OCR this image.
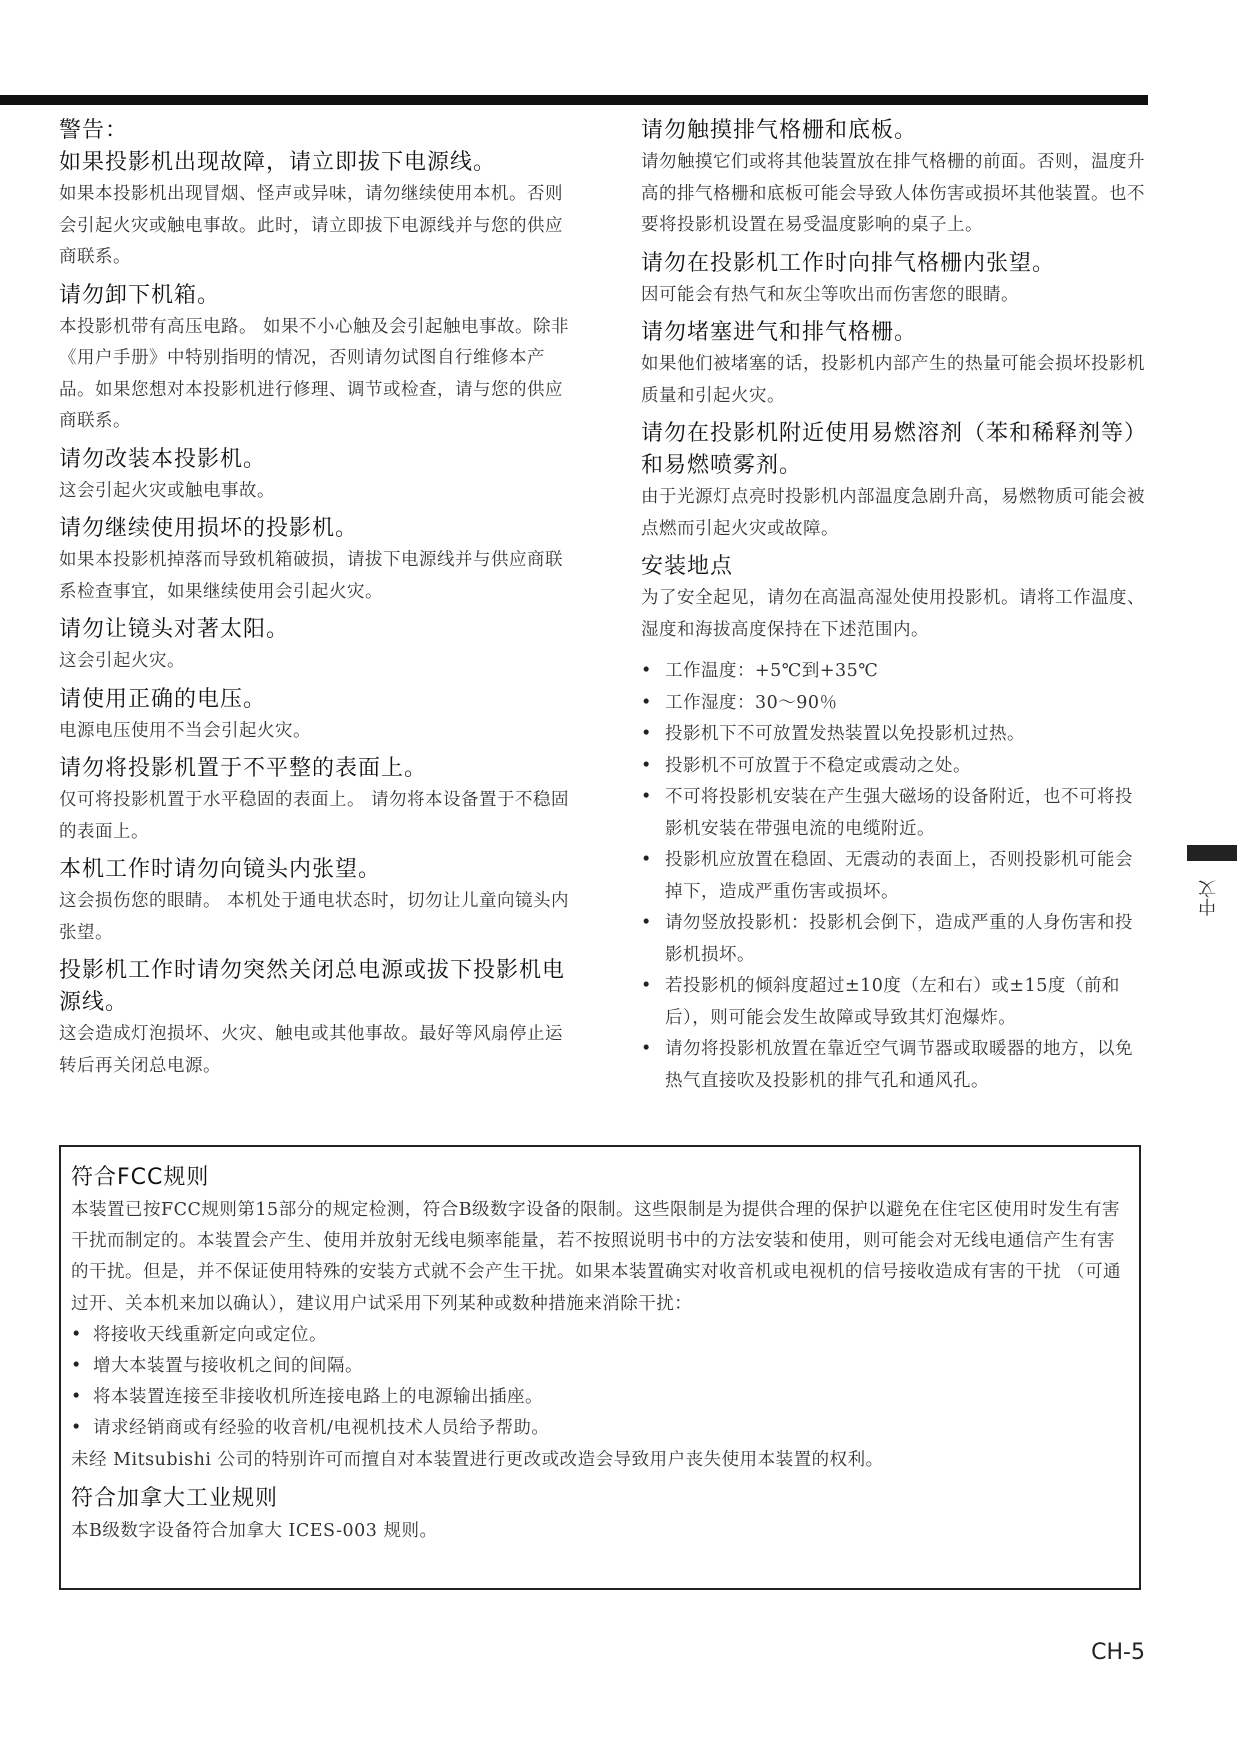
警告：

如果投影机出现故障，请立即拔下电源线。

如果本投影机出现冒烟、怪声或异味，请勿继续使用本机。否则会引起火灾或触电事故。此时，请立即拔下电源线并与您的供应商联系。

请勿卸下机箱。

本投影机带有高压电路。 如果不小心触及会引起触电事故。除非《用户手册》中特别指明的情况，否则请勿试图自行维修本产品。如果您想对本投影机进行修理、调节或检查，请与您的供应商联系。

请勿改装本投影机。

这会引起火灾或触电事故。

请勿继续使用损坏的投影机。

如果本投影机掉落而导致机箱破损，请拔下电源线并与供应商联系检查事宜，如果继续使用会引起火灾。

请勿让镜头对著太阳。

这会引起火灾。

请使用正确的电压。

电源电压使用不当会引起火灾。

请勿将投影机置于不平整的表面上。

仅可将投影机置于水平稳固的表面上。 请勿将本设备置于不稳固的表面上。

本机工作时请勿向镜头内张望。

这会损伤您的眼睛。 本机处于通电状态时，切勿让儿童向镜头内张望。

投影机工作时请勿突然关闭总电源或拔下投影机电源线。

这会造成灯泡损坏、火灾、触电或其他事故。最好等风扇停止运转后再关闭总电源。

请勿触摸排气格栅和底板。

请勿触摸它们或将其他装置放在排气格栅的前面。否则，温度升高的排气格栅和底板可能会导致人体伤害或损坏其他装置。也不要将投影机设置在易受温度影响的桌子上。

请勿在投影机工作时向排气格栅内张望。

因可能会有热气和灰尘等吹出而伤害您的眼睛。

请勿堵塞进气和排气格栅。

如果他们被堵塞的话，投影机内部产生的热量可能会损坏投影机质量和引起火灾。

请勿在投影机附近使用易燃溶剂（苯和稀释剂等）和易燃喷雾剂。

由于光源灯点亮时投影机内部温度急剧升高，易燃物质可能会被点燃而引起火灾或故障。

安装地点

为了安全起见，请勿在高温高湿处使用投影机。请将工作温度、湿度和海拔高度保持在下述范围内。

• 工作温度：+5℃到+35℃
• 工作湿度：30～90％
• 投影机下不可放置发热装置以免投影机过热。
• 投影机不可放置于不稳定或震动之处。
• 不可将投影机安装在产生强大磁场的设备附近，也不可将投影机安装在带强电流的电缆附近。
• 投影机应放置在稳固、无震动的表面上，否则投影机可能会掉下，造成严重伤害或损坏。
• 请勿竖放投影机：投影机会倒下，造成严重的人身伤害和投影机损坏。
• 若投影机的倾斜度超过±10度（左和右）或±15度（前和后），则可能会发生故障或导致其灯泡爆炸。
• 请勿将投影机放置在靠近空气调节器或取暖器的地方，以免热气直接吹及投影机的排气孔和通风孔。
中文

符合FCC规则

本装置已按FCC规则第15部分的规定检测，符合B级数字设备的限制。这些限制是为提供合理的保护以避免在住宅区使用时发生有害干扰而制定的。本装置会产生、使用并放射无线电频率能量，若不按照说明书中的方法安装和使用，则可能会对无线电通信产生有害的干扰。但是，并不保证使用特殊的安装方式就不会产生干扰。如果本装置确实对收音机或电视机的信号接收造成有害的干扰 （可通过开、关本机来加以确认），建议用户试采用下列某种或数种措施来消除干扰：

• 将接收天线重新定向或定位。
• 增大本装置与接收机之间的间隔。
• 将本装置连接至非接收机所连接电路上的电源输出插座。
• 请求经销商或有经验的收音机/电视机技术人员给予帮助。

未经 Mitsubishi 公司的特别许可而擅自对本装置进行更改或改造会导致用户丧失使用本装置的权利。

符合加拿大工业规则

本B级数字设备符合加拿大 ICES-003 规则。

CH-5
